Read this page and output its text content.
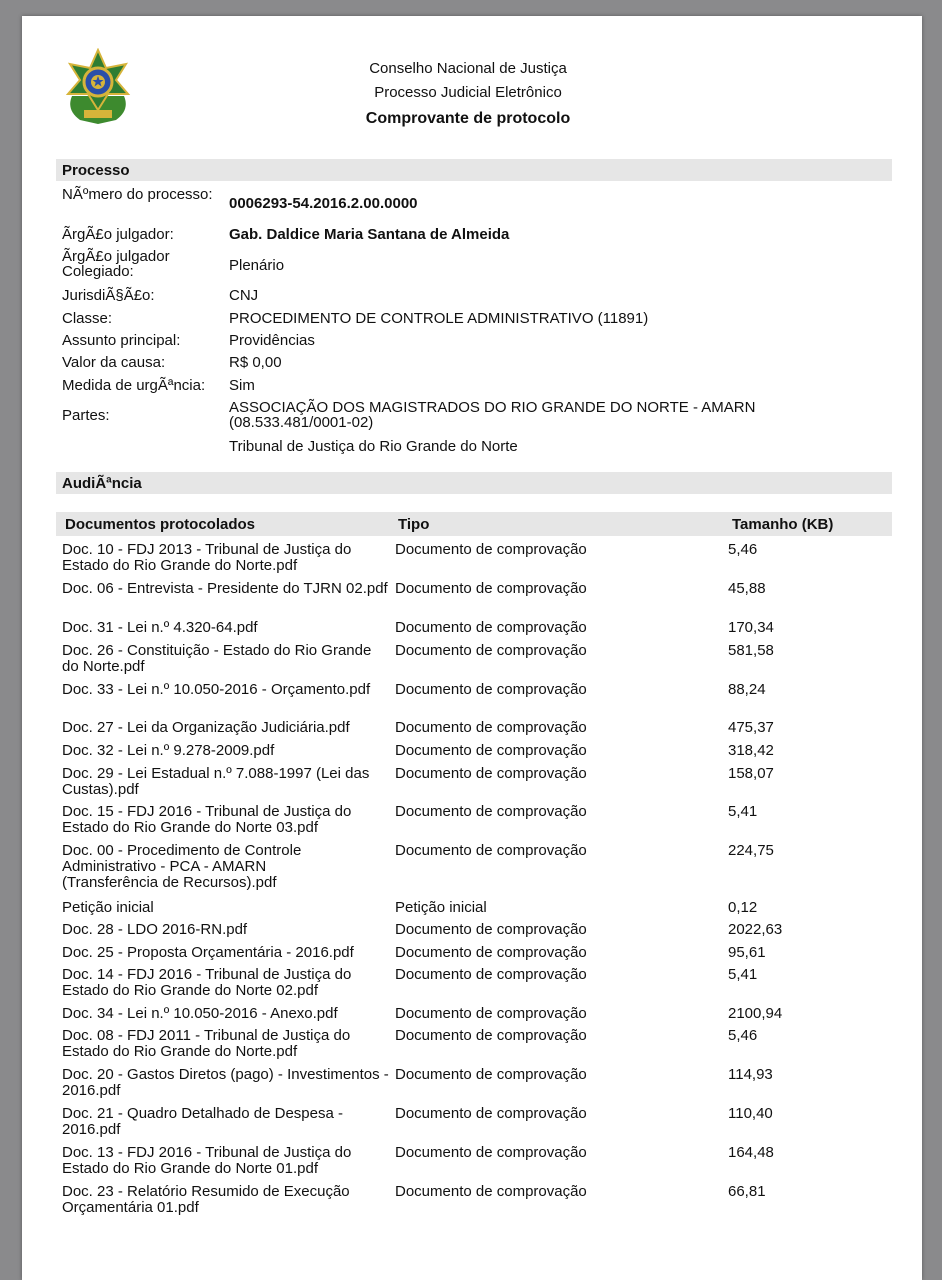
Conselho Nacional de Justiça
Processo Judicial Eletrônico
Comprovante de protocolo
Processo
NÃºmero do processo:
0006293-54.2016.2.00.0000
ÃrgÃ£o julgador:	Gab. Daldice Maria Santana de Almeida
ÃrgÃ£o julgador Colegiado:	Plenário
JurisdiÃ§Ã£o:	CNJ
Classe:	PROCEDIMENTO DE CONTROLE ADMINISTRATIVO (11891)
Assunto principal:	Providências
Valor da causa:	R$ 0,00
Medida de urgÃªncia:	Sim
Partes:	ASSOCIAÇÃO DOS MAGISTRADOS DO RIO GRANDE DO NORTE - AMARN (08.533.481/0001-02)
Tribunal de Justiça do Rio Grande do Norte
AudiÃªncia
Documentos protocolados	Tipo	Tamanho (KB)
Doc. 10 - FDJ 2013 - Tribunal de Justiça do Estado do Rio Grande do Norte.pdf
Documento de comprovação	5,46
Doc. 06 - Entrevista - Presidente do TJRN 02.pdf Documento de comprovação	45,88
Doc. 31 - Lei n.º 4.320-64.pdf	Documento de comprovação	170,34
Doc. 26 - Constituição - Estado do Rio Grande do Norte.pdf
Documento de comprovação	581,58
Doc. 33 - Lei n.º 10.050-2016 - Orçamento.pdf	Documento de comprovação	88,24
Doc. 27 - Lei da Organização Judiciária.pdf	Documento de comprovação	475,37
Doc. 32 - Lei n.º 9.278-2009.pdf	Documento de comprovação	318,42
Doc. 29 - Lei Estadual n.º 7.088-1997 (Lei das Custas).pdf
Documento de comprovação	158,07
Doc. 15 - FDJ 2016 - Tribunal de Justiça do Estado do Rio Grande do Norte 03.pdf
Documento de comprovação	5,41
Doc. 00 - Procedimento de Controle Administrativo - PCA - AMARN (Transferência de Recursos).pdf
Documento de comprovação	224,75
Petição inicial	Petição inicial	0,12
Doc. 28 - LDO 2016-RN.pdf	Documento de comprovação	2022,63
Doc. 25 - Proposta Orçamentária - 2016.pdf	Documento de comprovação	95,61
Doc. 14 - FDJ 2016 - Tribunal de Justiça do Estado do Rio Grande do Norte 02.pdf
Documento de comprovação	5,41
Doc. 34 - Lei n.º 10.050-2016 - Anexo.pdf	Documento de comprovação	2100,94
Doc. 08 - FDJ 2011 - Tribunal de Justiça do Estado do Rio Grande do Norte.pdf
Documento de comprovação	5,46
Doc. 20 - Gastos Diretos (pago) - Investimentos - 2016.pdf
Documento de comprovação	114,93
Doc. 21 - Quadro Detalhado de Despesa - 2016.pdf
Documento de comprovação	110,40
Doc. 13 - FDJ 2016 - Tribunal de Justiça do Estado do Rio Grande do Norte 01.pdf
Documento de comprovação	164,48
Doc. 23 - Relatório Resumido de Execução Orçamentária 01.pdf
Documento de comprovação	66,81
